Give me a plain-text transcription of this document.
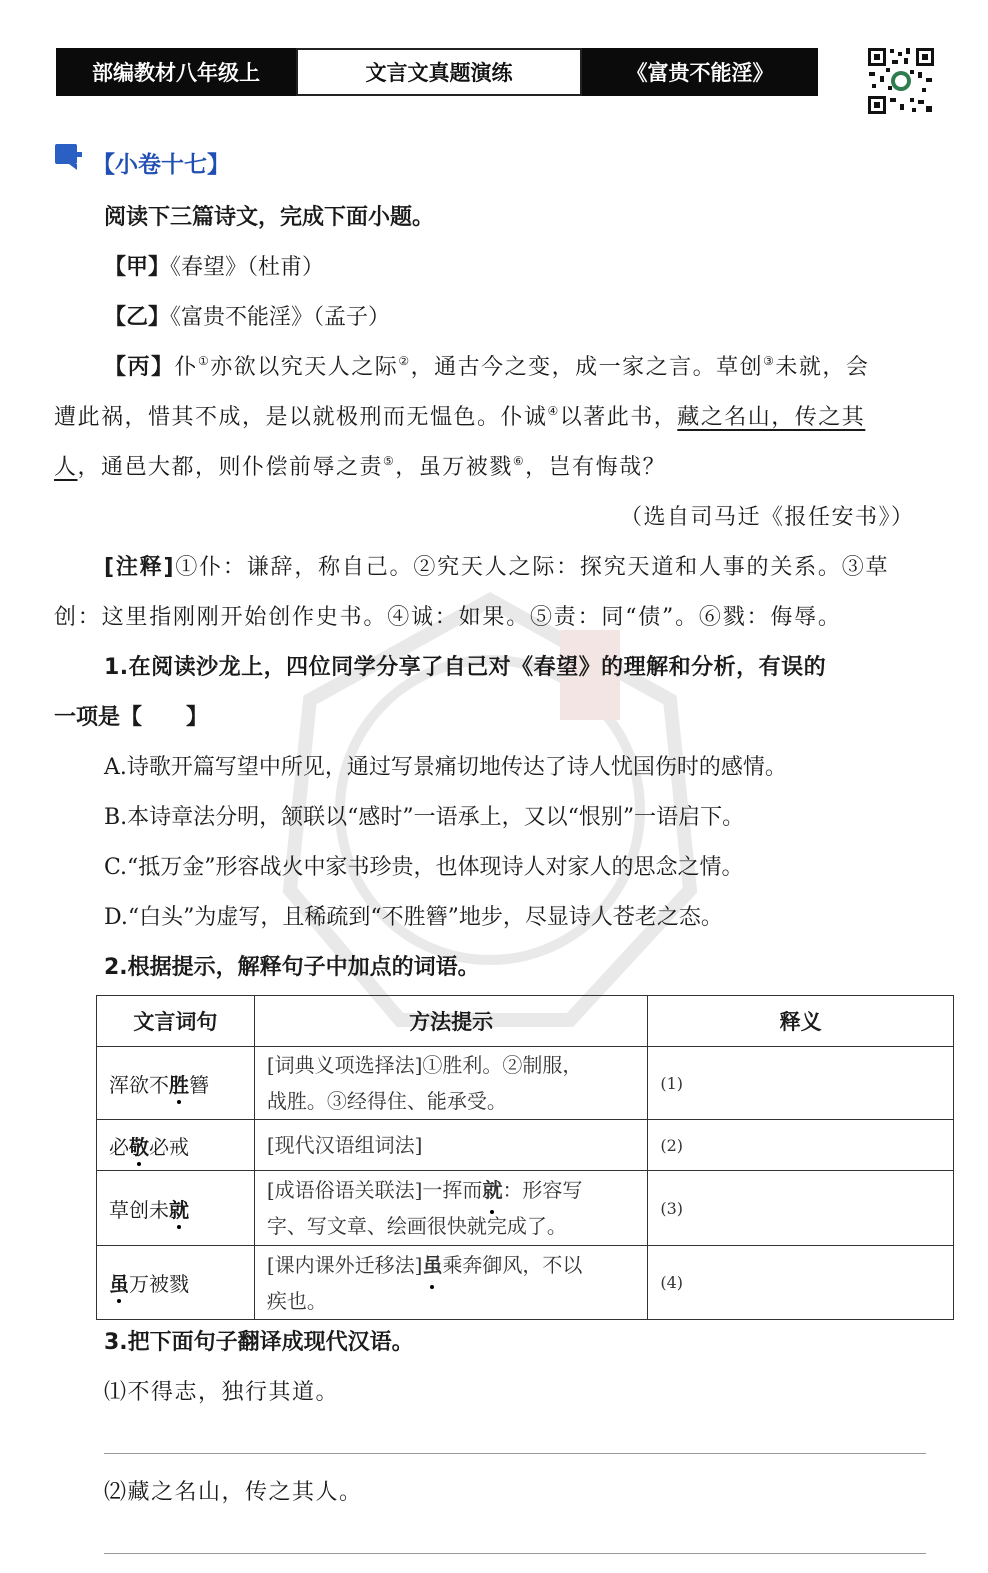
部编教材八年级上	文言文真题演练	《富贵不能淫》
【小卷十七】
阅读下三篇诗文，完成下面小题。
【甲】《春望》（杜甫）
【乙】《富贵不能淫》（孟子）
【丙】仆①亦欲以究天人之际②，通古今之变，成一家之言。草创③未就，会
遭此祸，惜其不成，是以就极刑而无愠色。仆诚④以著此书，藏之名山，传之其
人，通邑大都，则仆偿前辱之责⑤，虽万被戮⑥，岂有悔哉？
（选自司马迁《报任安书》）
[注释]①仆：谦辞，称自己。②究天人之际：探究天道和人事的关系。③草
创：这里指刚刚开始创作史书。④诚：如果。⑤责：同“债”。⑥戮：侮辱。
1.在阅读沙龙上，四位同学分享了自己对《春望》的理解和分析，有误的
一项是【　　】
A.诗歌开篇写望中所见，通过写景痛切地传达了诗人忧国伤时的感情。
B.本诗章法分明，颔联以“感时”一语承上，又以“恨别”一语启下。
C.“抵万金”形容战火中家书珍贵，也体现诗人对家人的思念之情。
D.“白头”为虚写，且稀疏到“不胜簪”地步，尽显诗人苍老之态。
2.根据提示，解释句子中加点的词语。
文言词句	方法提示	释义
浑欲不胜簪	[词典义项选择法]①胜利。②制服，
战胜。③经得住、能承受。	(1)
必敬必戒	[现代汉语组词法]	(2)
草创未就	[成语俗语关联法]一挥而就：形容写
字、写文章、绘画很快就完成了。	(3)
虽万被戮	[课内课外迁移法]虽乘奔御风，不以
疾也。	(4)
3.把下面句子翻译成现代汉语。
⑴不得志，独行其道。
⑵藏之名山，传之其人。
